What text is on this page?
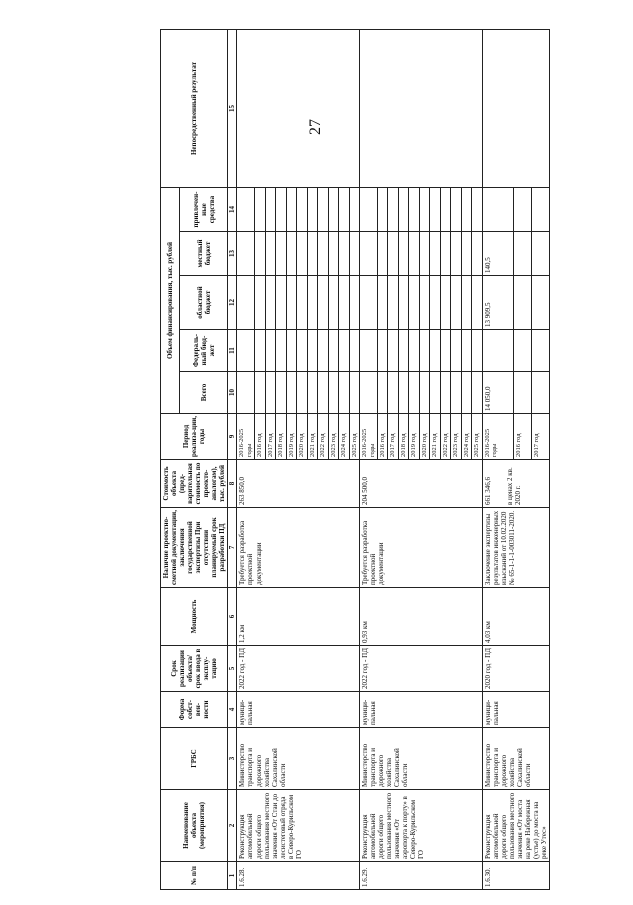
27
№ п/п	Наименование объекта (мероприятия)	ГРБС	Форма собст-вен-ности	Срок реализации объекта/ срок ввода в эксплу-тацию	Мощность	Наличие проектно-сметной документации, заключения государственной экспертизы При отсутствии планируемый срок разработки ПД	Стоимость объекта (пред-варительная стоимость по проекто-аналогам), тыс. рублей	Период реализа-ции, годы	Объем финансирования, тыс. рублей					Непосредственный результат
									Всего	Федераль-ный бюд-жет	областной бюджет	местный бюджет	привлечен-ные средства	
1	2	3	4	5	6	7	8	9	10	11	12	13	14	15
1.6.28.	Реконструкция автомобильной дороги общего пользования местного значения «От Стаи до лесистеговый отряда в Северо-Курильском ГО	Министерство транспорта и дорожного хозяйства Сахалинской области	муници-пальная	2022 год - ПД	1,2 км	Требуется разработка проектной документации	263 850,0	2016-2025 годы						
								2016 год						
								2017 год						
								2018 год						
								2019 год						
								2020 год						
								2021 год						
								2022 год						
								2023 год						
								2024 год						
								2025 год						
1.6.29.	Реконструкция автомобильной дороги общего пользования местного значения «От аэропорта к порту» в Северо-Курильском ГО	Министерство транспорта и дорожного хозяйства Сахалинской области	муници-пальная	2022 год - ПД	0,93 км	Требуется разработка проектной документации	204 500,0	2016-2025 годы						
								2016 год						
								2017 год						
								2018 год						
								2019 год						
								2020 год						
								2021 год						
								2022 год						
								2023 год						
								2024 год						
								2025 год						
1.6.30.	Реконструкция автомобильной дороги общего пользования местного значения «От моста на реке Набережная (устье) до моста на реке Утес»	Министерство транспорта и дорожного хозяйства Сахалинской области	муници-пальная	2020 год - ПД	4,03 км	Заключение экспертизы результатов инженерных изысканий от 10.02.2020 № 65-1-1-1-003011-2020.	661 346,6 в ценах 2 кв. 2020 г.	2016-2025 годы	14 050,0		13 909,5	140,5		
								2016 год						
								2017 год						
